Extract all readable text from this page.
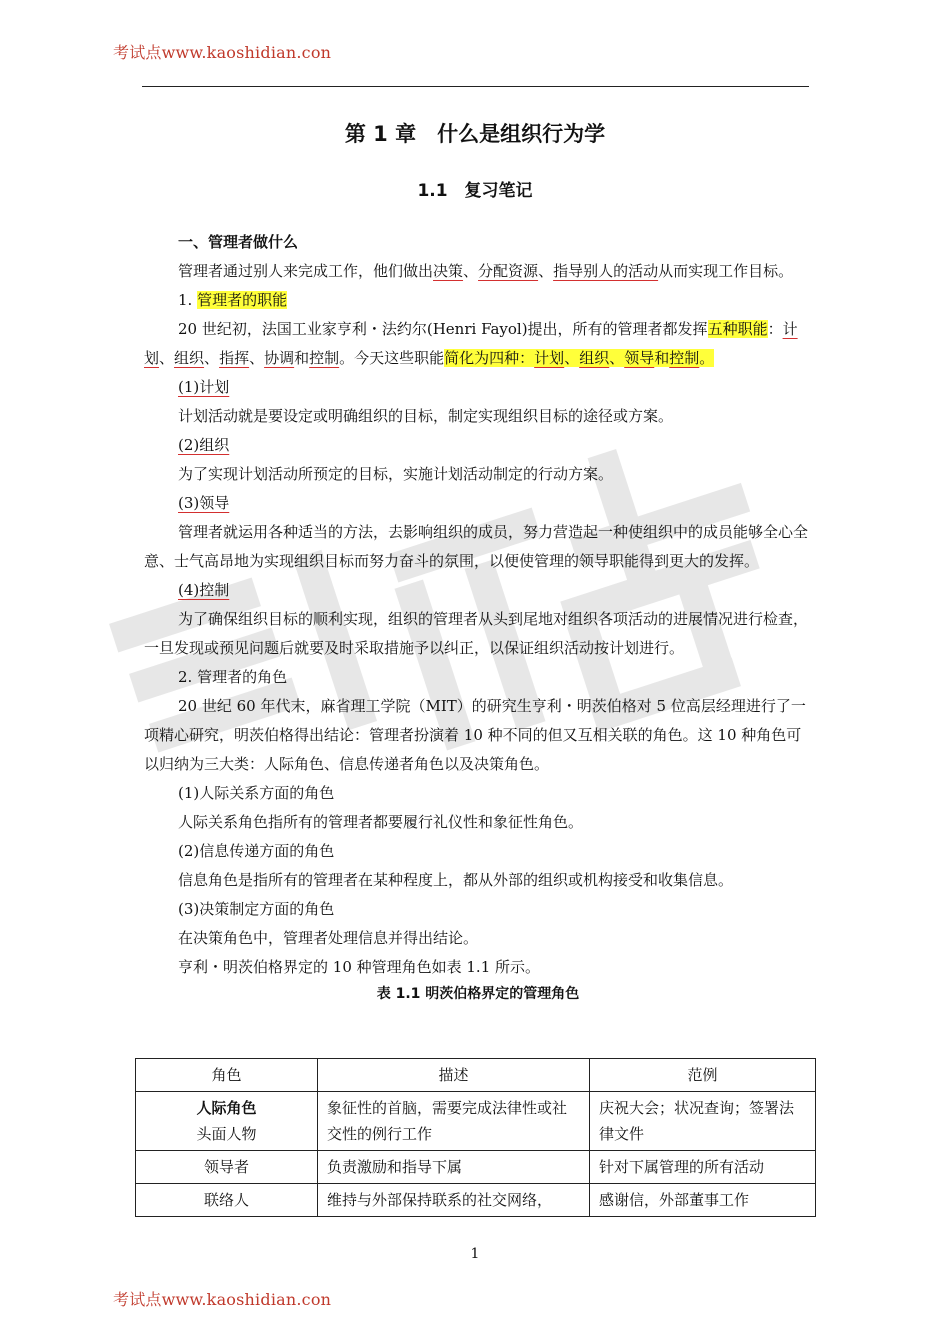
考试点www.kaoshidian.con
第 1 章　什么是组织行为学
1.1　复习笔记

一、管理者做什么

管理者通过别人来完成工作，他们做出决策、分配资源、指导别人的活动从而实现工作目标。

1. 管理者的职能

20 世纪初，法国工业家亨利・法约尔(Henri Fayol)提出，所有的管理者都发挥五种职能：计划、组织、指挥、协调和控制。今天这些职能简化为四种：计划、组织、领导和控制。

(1)计划

计划活动就是要设定或明确组织的目标，制定实现组织目标的途径或方案。

(2)组织

为了实现计划活动所预定的目标，实施计划活动制定的行动方案。

(3)领导

管理者就运用各种适当的方法，去影响组织的成员，努力营造起一种使组织中的成员能够全心全意、士气高昂地为实现组织目标而努力奋斗的氛围，以便使管理的领导职能得到更大的发挥。

(4)控制

为了确保组织目标的顺利实现，组织的管理者从头到尾地对组织各项活动的进展情况进行检查，一旦发现或预见问题后就要及时采取措施予以纠正，以保证组织活动按计划进行。

2. 管理者的角色

20 世纪 60 年代末，麻省理工学院（MIT）的研究生亨利・明茨伯格对 5 位高层经理进行了一项精心研究，明茨伯格得出结论：管理者扮演着 10 种不同的但又互相关联的角色。这 10 种角色可以归纳为三大类：人际角色、信息传递者角色以及决策角色。

(1)人际关系方面的角色

人际关系角色指所有的管理者都要履行礼仪性和象征性角色。

(2)信息传递方面的角色

信息角色是指所有的管理者在某种程度上，都从外部的组织或机构接受和收集信息。

(3)决策制定方面的角色

在决策角色中，管理者处理信息并得出结论。

亨利・明茨伯格界定的 10 种管理角色如表 1.1 所示。

表 1.1 明茨伯格界定的管理角色

角色	描述	范例

人际角色
头面人物	象征性的首脑，需要完成法律性或社交性的例行工作	庆祝大会；状况查询；签署法律文件
领导者	负责激励和指导下属	针对下属管理的所有活动
联络人	维持与外部保持联系的社交网络，	感谢信，外部董事工作
1
考试点www.kaoshidian.con
